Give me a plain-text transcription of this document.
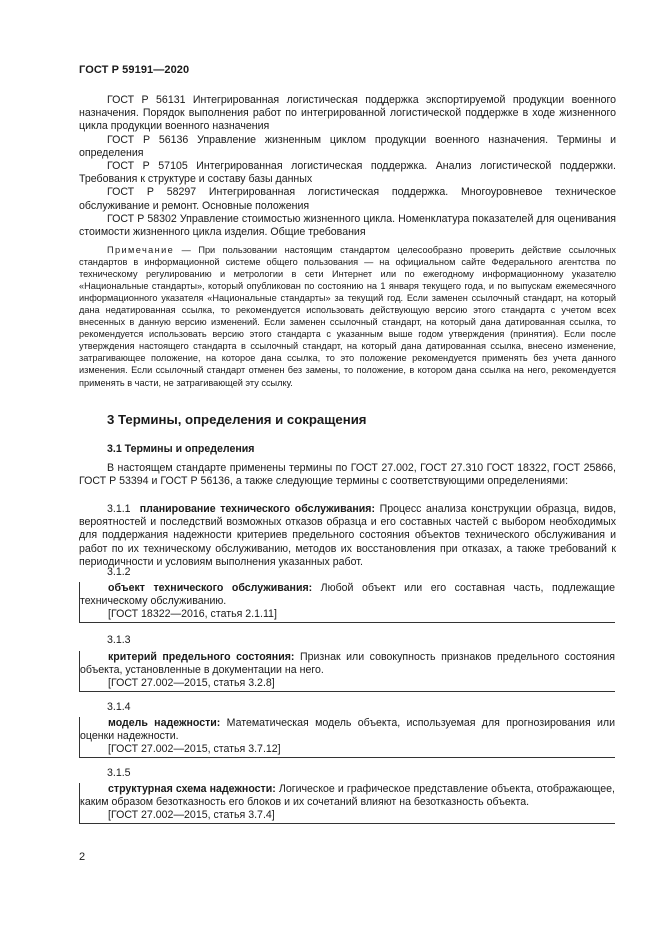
ГОСТ Р 59191—2020

ГОСТ Р 56131 Интегрированная логистическая поддержка экспортируемой продукции военного назначения. Порядок выполнения работ по интегрированной логистической поддержке в ходе жизненного цикла продукции военного назначения

ГОСТ Р 56136 Управление жизненным циклом продукции военного назначения. Термины и определения

ГОСТ Р 57105 Интегрированная логистическая поддержка. Анализ логистической поддержки. Требования к структуре и составу базы данных

ГОСТ Р 58297 Интегрированная логистическая поддержка. Многоуровневое техническое обслуживание и ремонт. Основные положения

ГОСТ Р 58302 Управление стоимостью жизненного цикла. Номенклатура показателей для оценивания стоимости жизненного цикла изделия. Общие требования

Примечание — При пользовании настоящим стандартом целесообразно проверить действие ссылочных стандартов в информационной системе общего пользования — на официальном сайте Федерального агентства по техническому регулированию и метрологии в сети Интернет или по ежегодному информационному указателю «Национальные стандарты», который опубликован по состоянию на 1 января текущего года, и по выпускам ежемесячного информационного указателя «Национальные стандарты» за текущий год. Если заменен ссылочный стандарт, на который дана недатированная ссылка, то рекомендуется использовать действующую версию этого стандарта с учетом всех внесенных в данную версию изменений. Если заменен ссылочный стандарт, на который дана датированная ссылка, то рекомендуется использовать версию этого стандарта с указанным выше годом утверждения (принятия). Если после утверждения настоящего стандарта в ссылочный стандарт, на который дана датированная ссылка, внесено изменение, затрагивающее положение, на которое дана ссылка, то это положение рекомендуется применять без учета данного изменения. Если ссылочный стандарт отменен без замены, то положение, в котором дана ссылка на него, рекомендуется применять в части, не затрагивающей эту ссылку.

3 Термины, определения и сокращения
3.1 Термины и определения

В настоящем стандарте применены термины по ГОСТ 27.002, ГОСТ 27.310 ГОСТ 18322, ГОСТ 25866, ГОСТ Р 53394 и ГОСТ Р 56136, а также следующие термины с соответствующими определениями:

3.1.1 планирование технического обслуживания: Процесс анализа конструкции образца, видов, вероятностей и последствий возможных отказов образца и его составных частей с выбором необходимых для поддержания надежности критериев предельного состояния объектов технического обслуживания и работ по их техническому обслуживанию, методов их восстановления при отказах, а также требований к периодичности и условиям выполнения указанных работ.

3.1.2

объект технического обслуживания: Любой объект или его составная часть, подлежащие техническому обслуживанию.

[ГОСТ 18322—2016, статья 2.1.11]

3.1.3

критерий предельного состояния: Признак или совокупность признаков предельного состояния объекта, установленные в документации на него.

[ГОСТ 27.002—2015, статья 3.2.8]

3.1.4

модель надежности: Математическая модель объекта, используемая для прогнозирования или оценки надежности.

[ГОСТ 27.002—2015, статья 3.7.12]

3.1.5

структурная схема надежности: Логическое и графическое представление объекта, отображающее, каким образом безотказность его блоков и их сочетаний влияют на безотказность объекта.

[ГОСТ 27.002—2015, статья 3.7.4]

2
